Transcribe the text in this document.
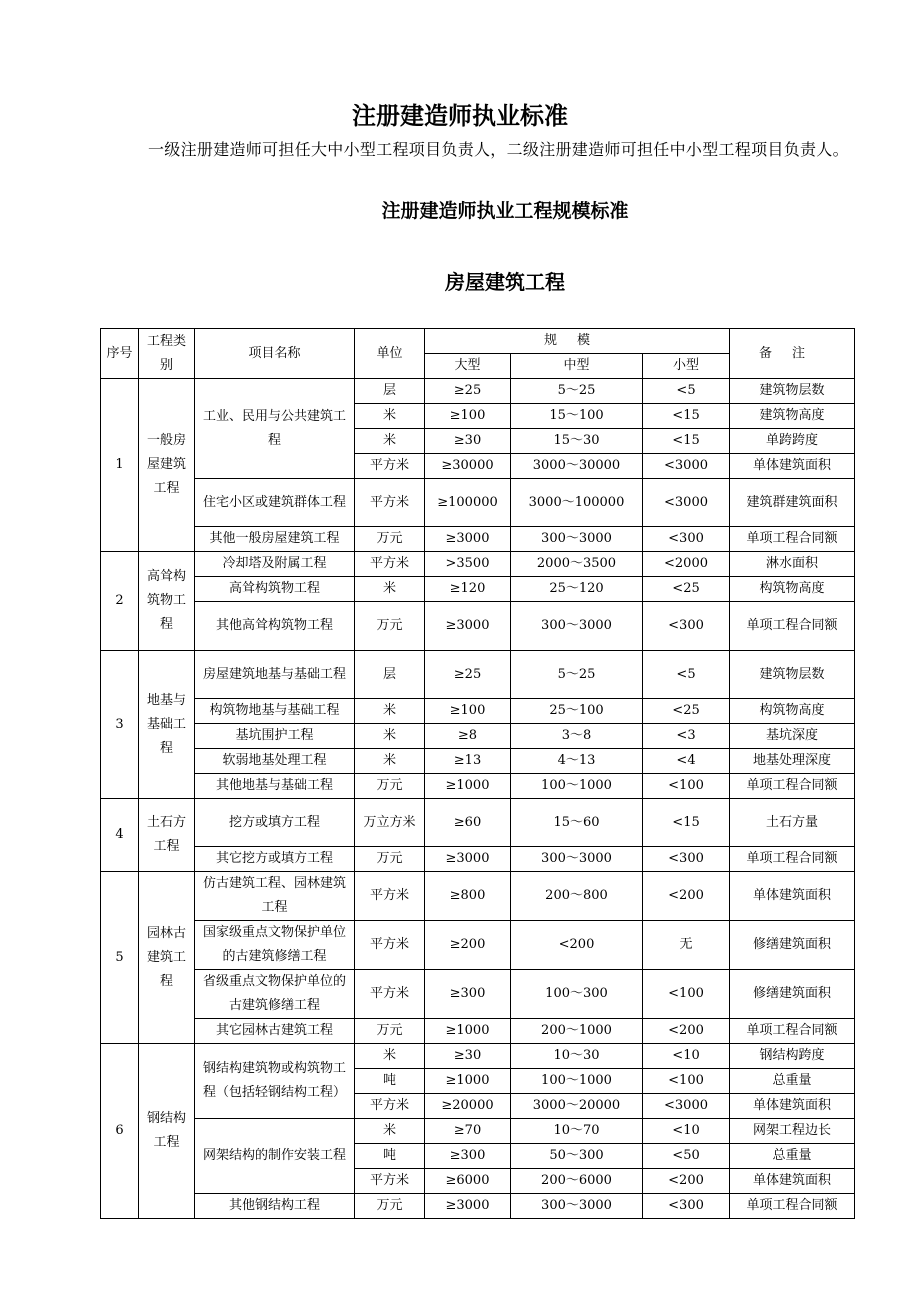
注册建造师执业标准
一级注册建造师可担任大中小型工程项目负责人，二级注册建造师可担任中小型工程项目负责人。
注册建造师执业工程规模标准
房屋建筑工程
序号	工程类别	项目名称	单位	规模			备注
				大型	中型	小型	
1	一般房屋建筑工程	工业、民用与公共建筑工程	层	≥25	5～25	<5	建筑物层数
			米	≥100	15～100	<15	建筑物高度
			米	≥30	15～30	<15	单跨跨度
			平方米	≥30000	3000～30000	<3000	单体建筑面积
		住宅小区或建筑群体工程	平方米	≥100000	3000～100000	<3000	建筑群建筑面积
		其他一般房屋建筑工程	万元	≥3000	300～3000	<300	单项工程合同额
2	高耸构筑物工程	冷却塔及附属工程	平方米	>3500	2000～3500	<2000	淋水面积
		高耸构筑物工程	米	≥120	25～120	<25	构筑物高度
		其他高耸构筑物工程	万元	≥3000	300～3000	<300	单项工程合同额
3	地基与基础工程	房屋建筑地基与基础工程	层	≥25	5～25	<5	建筑物层数
		构筑物地基与基础工程	米	≥100	25～100	<25	构筑物高度
		基坑围护工程	米	≥8	3～8	<3	基坑深度
		软弱地基处理工程	米	≥13	4～13	<4	地基处理深度
		其他地基与基础工程	万元	≥1000	100～1000	<100	单项工程合同额
4	土石方工程	挖方或填方工程	万立方米	≥60	15～60	<15	土石方量
		其它挖方或填方工程	万元	≥3000	300～3000	<300	单项工程合同额
5	园林古建筑工程	仿古建筑工程、园林建筑工程	平方米	≥800	200～800	<200	单体建筑面积
		国家级重点文物保护单位的古建筑修缮工程	平方米	≥200	<200	无	修缮建筑面积
		省级重点文物保护单位的古建筑修缮工程	平方米	≥300	100～300	<100	修缮建筑面积
		其它园林古建筑工程	万元	≥1000	200～1000	<200	单项工程合同额
6	钢结构工程	钢结构建筑物或构筑物工程（包括轻钢结构工程）	米	≥30	10～30	<10	钢结构跨度
			吨	≥1000	100～1000	<100	总重量
			平方米	≥20000	3000～20000	<3000	单体建筑面积
		网架结构的制作安装工程	米	≥70	10～70	<10	网架工程边长
			吨	≥300	50～300	<50	总重量
			平方米	≥6000	200～6000	<200	单体建筑面积
		其他钢结构工程	万元	≥3000	300～3000	<300	单项工程合同额
